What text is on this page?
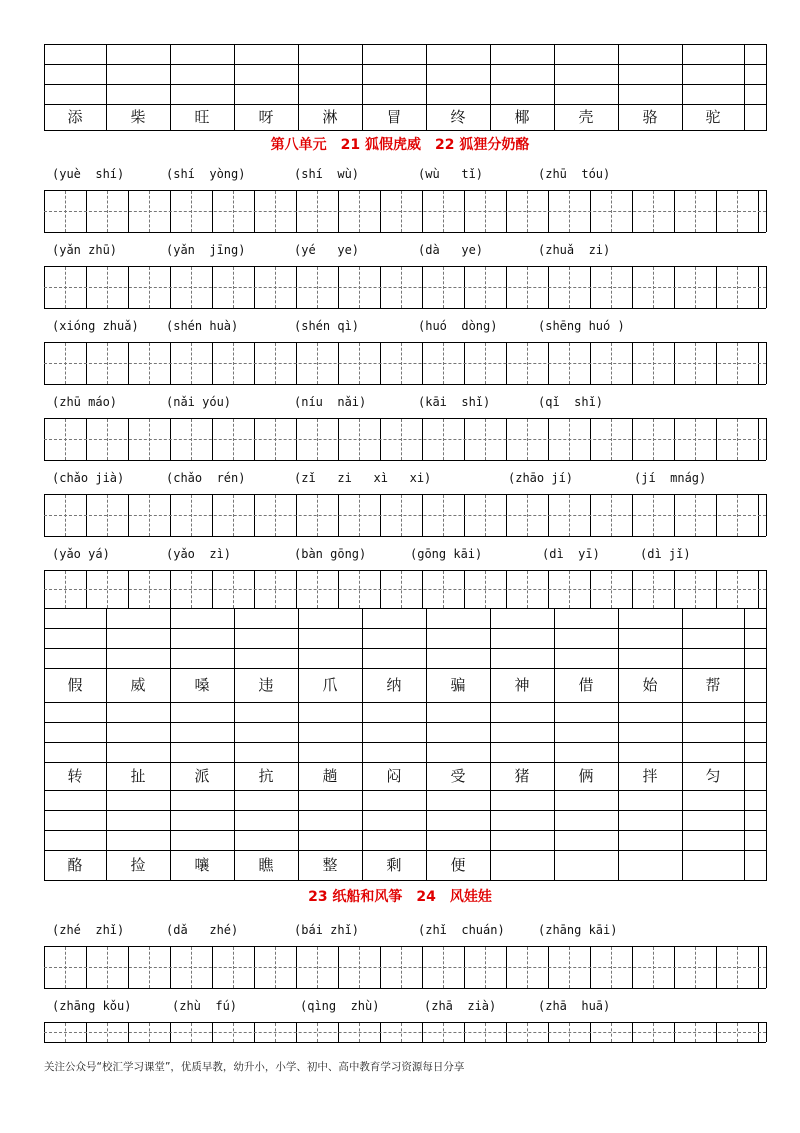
第八单元　21 狐假虎威　22 狐狸分奶酪
23 纸船和风筝　24　风娃娃
关注公众号“校汇学习课堂”，优质早教，幼升小，小学、初中、高中教育学习资源每日分享
添	柴	旺	呀	淋	冒	终	椰	壳	骆	驼
假	威	嗓	违	爪	纳	骗	神	借	始	帮
转	扯	派	抗	趟	闷	受	猪	俩	拌	匀
酪	捡	嚷	瞧	整	剩	便
(yuè  shí)	(shí  yòng)	(shí  wù)	(wù   tǐ)	(zhū  tóu)
(yǎn zhū)	(yǎn  jīng)	(yé   ye)	(dà   ye)	(zhuǎ  zi)
(xióng zhuǎ) (shén huà)	(shén qì)	(huó  dòng)	(shēng huó )
(zhū máo)	(nǎi yóu)	(níu  nǎi)	(kāi  shǐ)	(qǐ  shǐ)
(chǎo jià)	(chǎo  rén)	(zǐ   zi   xì   xi)	(zhāo jí)	(jí  mnág)
(yǎo yá)	(yǎo  zì)	(bàn gōng)	(gōng kāi)	(dì  yī)	(dì jǐ)
(zhé  zhǐ)	(dǎ   zhé)	(bái zhǐ)	(zhǐ  chuán)	(zhāng kāi)
(zhāng kǒu)	(zhù  fú)	(qìng  zhù)	(zhā  zià)	(zhā  huā)
